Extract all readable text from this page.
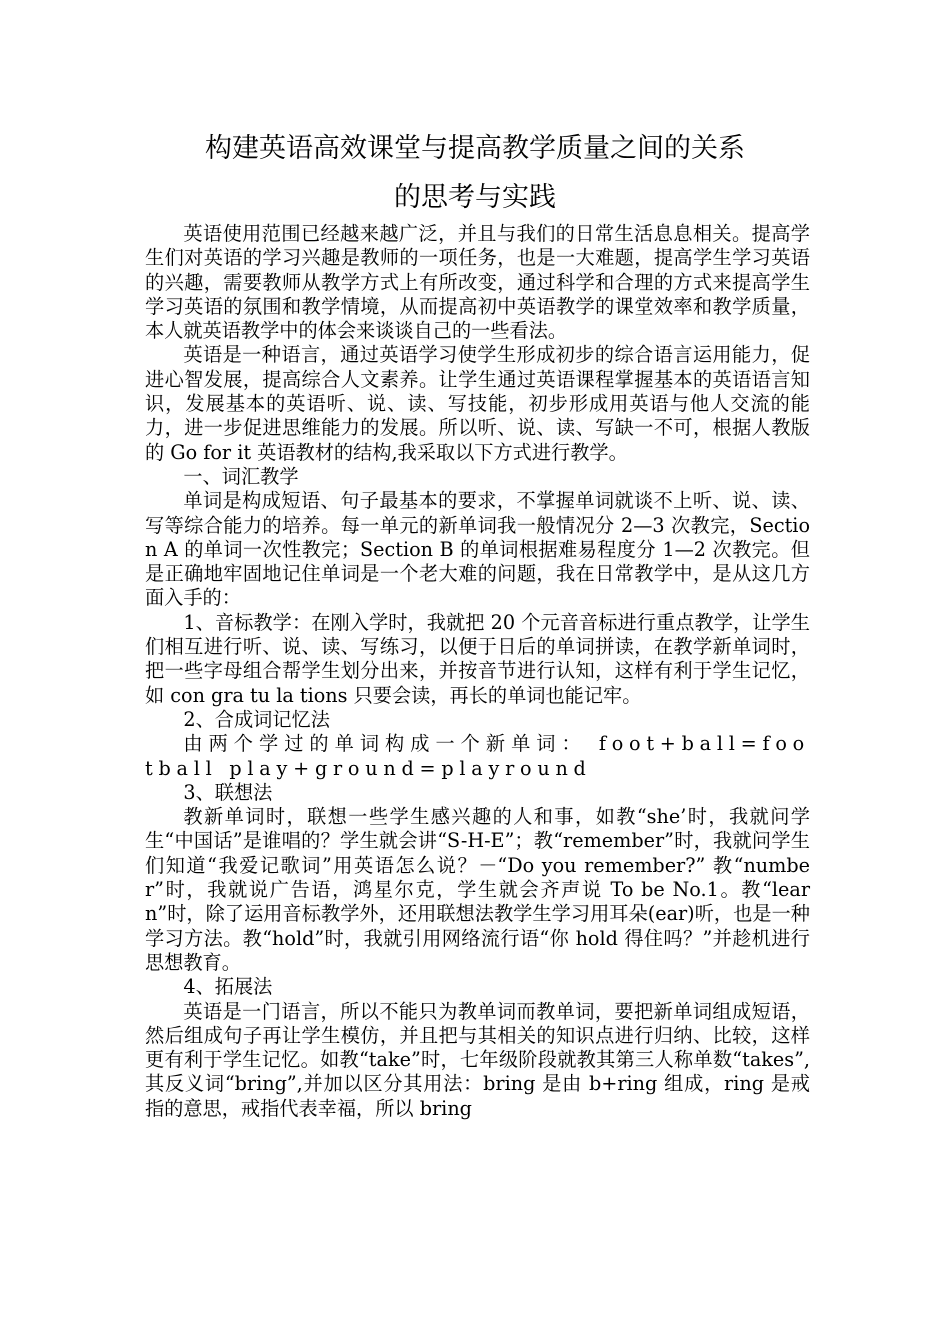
构建英语高效课堂与提高教学质量之间的关系
的思考与实践

英语使用范围已经越来越广泛，并且与我们的日常生活息息相关。提高学生们对英语的学习兴趣是教师的一项任务，也是一大难题，提高学生学习英语的兴趣，需要教师从教学方式上有所改变，通过科学和合理的方式来提高学生学习英语的氛围和教学情境，从而提高初中英语教学的课堂效率和教学质量，本人就英语教学中的体会来谈谈自己的一些看法。

英语是一种语言，通过英语学习使学生形成初步的综合语言运用能力，促进心智发展，提高综合人文素养。让学生通过英语课程掌握基本的英语语言知识，发展基本的英语听、说、读、写技能，初步形成用英语与他人交流的能力，进一步促进思维能力的发展。所以听、说、读、写缺一不可，根据人教版的 Go for it 英语教材的结构,我采取以下方式进行教学。

一、词汇教学

单词是构成短语、句子最基本的要求，不掌握单词就谈不上听、说、读、写等综合能力的培养。每一单元的新单词我一般情况分 2—3 次教完，Section A 的单词一次性教完；Section B 的单词根据难易程度分 1—2 次教完。但是正确地牢固地记住单词是一个老大难的问题，我在日常教学中，是从这几方面入手的：

1、音标教学：在刚入学时，我就把 20 个元音音标进行重点教学，让学生们相互进行听、说、读、写练习，以便于日后的单词拼读，在教学新单词时，把一些字母组合帮学生划分出来，并按音节进行认知，这样有利于学生记忆，如 con gra tu la tions 只要会读，再长的单词也能记牢。

2、合成词记忆法

由两个学过的单词构成一个新单词： foot+ball=football play+ground=playround

3、联想法

教新单词时，联想一些学生感兴趣的人和事，如教“she’时，我就问学生“中国话”是谁唱的？学生就会讲“S-H-E”；教“remember”时，我就问学生们知道“我爱记歌词”用英语怎么说？－“Do you remember?” 教“number”时，我就说广告语，鸿星尔克，学生就会齐声说 To be No.1。教“learn”时，除了运用音标教学外，还用联想法教学生学习用耳朵(ear)听，也是一种学习方法。教“hold”时，我就引用网络流行语“你 hold 得住吗？”并趁机进行思想教育。

4、拓展法

英语是一门语言，所以不能只为教单词而教单词，要把新单词组成短语，然后组成句子再让学生模仿，并且把与其相关的知识点进行归纳、比较，这样更有利于学生记忆。如教“take”时，七年级阶段就教其第三人称单数“takes”,其反义词“bring”,并加以区分其用法：bring 是由 b+ring 组成，ring 是戒指的意思，戒指代表幸福，所以 bring
